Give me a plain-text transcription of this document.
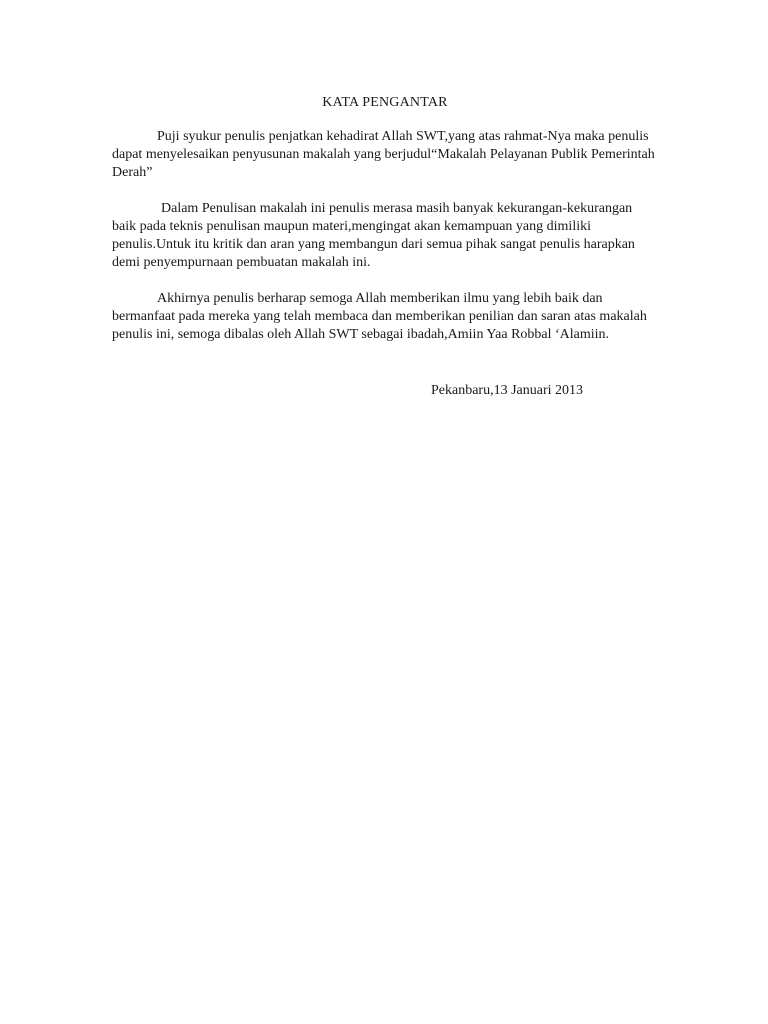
KATA PENGANTAR

Puji syukur penulis penjatkan kehadirat Allah SWT,yang atas rahmat-Nya maka penulis dapat menyelesaikan penyusunan makalah yang berjudul“Makalah Pelayanan Publik Pemerintah Derah”

Dalam Penulisan makalah ini penulis merasa masih banyak kekurangan-kekurangan baik pada teknis penulisan maupun materi,mengingat akan kemampuan yang dimiliki penulis.Untuk itu kritik dan aran yang membangun dari semua pihak sangat penulis harapkan demi penyempurnaan pembuatan makalah ini.

Akhirnya penulis berharap semoga Allah memberikan ilmu yang lebih baik dan bermanfaat pada mereka yang telah membaca dan memberikan penilian dan saran atas makalah penulis ini, semoga dibalas oleh Allah SWT sebagai ibadah,Amiin Yaa Robbal ‘Alamiin.

Pekanbaru,13 Januari 2013
